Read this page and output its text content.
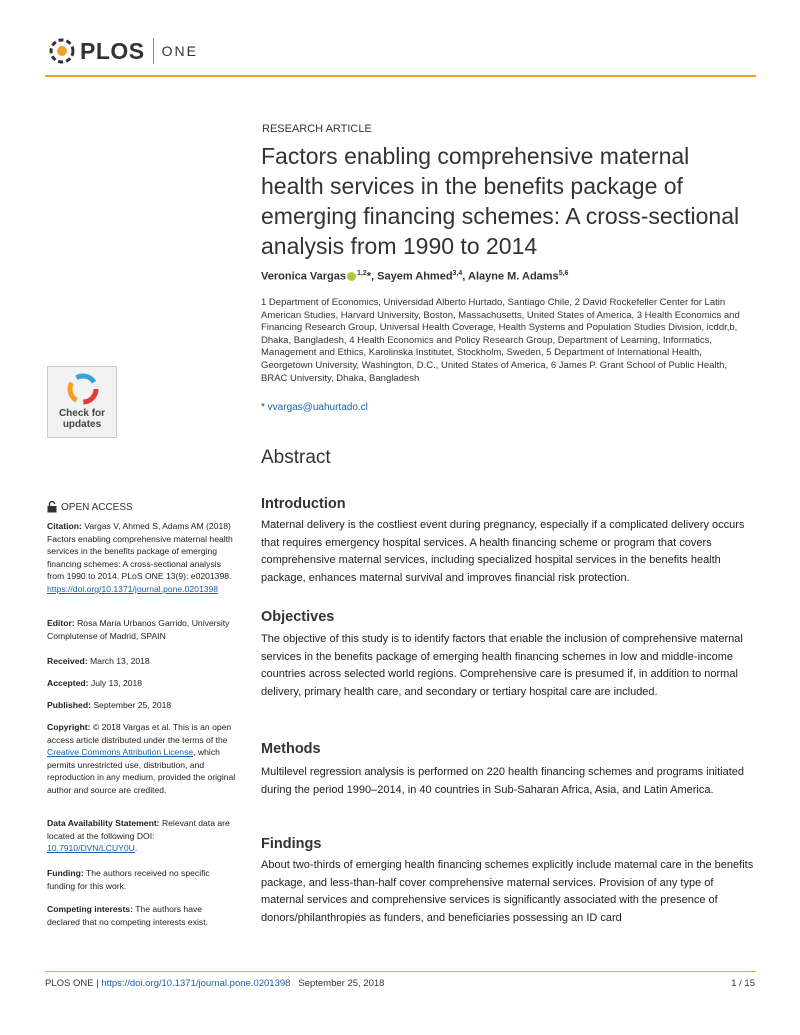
PLOS ONE
RESEARCH ARTICLE
Factors enabling comprehensive maternal health services in the benefits package of emerging financing schemes: A cross-sectional analysis from 1990 to 2014
Veronica Vargas $^{1,2}$*, Sayem Ahmed$^{3,4}$, Alayne M. Adams$^{5,6}$
1 Department of Economics, Universidad Alberto Hurtado, Santiago Chile, 2 David Rockefeller Center for Latin American Studies, Harvard University, Boston, Massachusetts, United States of America, 3 Health Economics and Financing Research Group, Universal Health Coverage, Health Systems and Population Studies Division, icddr,b, Dhaka, Bangladesh, 4 Health Economics and Policy Research Group, Department of Learning, Informatics, Management and Ethics, Karolinska Institutet, Stockholm, Sweden, 5 Department of International Health, Georgetown University, Washington, D.C., United States of America, 6 James P. Grant School of Public Health, BRAC University, Dhaka, Bangladesh
* vvargas@uahurtado.cl
Abstract
Introduction
Maternal delivery is the costliest event during pregnancy, especially if a complicated delivery occurs that requires emergency hospital services. A health financing scheme or program that covers comprehensive maternal services, including specialized hospital services in the benefits health package, enhances maternal survival and improves financial risk protection.
Objectives
The objective of this study is to identify factors that enable the inclusion of comprehensive maternal services in the benefits package of emerging health financing schemes in low and middle-income countries across selected world regions. Comprehensive care is presumed if, in addition to normal delivery, primary health care, and secondary or tertiary hospital care are included.
Methods
Multilevel regression analysis is performed on 220 health financing schemes and programs initiated during the period 1990–2014, in 40 countries in Sub-Saharan Africa, Asia, and Latin America.
Findings
About two-thirds of emerging health financing schemes explicitly include maternal care in the benefits package, and less-than-half cover comprehensive maternal services. Provision of any type of maternal services and comprehensive services is significantly associated with the presence of donors/philanthropies as funders, and beneficiaries possessing an ID card
Check for
updates
OPEN ACCESS
Citation: Vargas V, Ahmed S, Adams AM (2018) Factors enabling comprehensive maternal health services in the benefits package of emerging financing schemes: A cross-sectional analysis from 1990 to 2014. PLoS ONE 13(9): e0201398. https://doi.org/10.1371/journal.pone.0201398
Editor: Rosa Maria Urbanos Garrido, University Complutense of Madrid, SPAIN
Received: March 13, 2018
Accepted: July 13, 2018
Published: September 25, 2018
Copyright: © 2018 Vargas et al. This is an open access article distributed under the terms of the Creative Commons Attribution License, which permits unrestricted use, distribution, and reproduction in any medium, provided the original author and source are credited.
Data Availability Statement: Relevant data are located at the following DOI: 10.7910/DVN/LCUY0U.
Funding: The authors received no specific funding for this work.
Competing interests: The authors have declared that no competing interests exist.
PLOS ONE | https://doi.org/10.1371/journal.pone.0201398 September 25, 2018	1 / 15
